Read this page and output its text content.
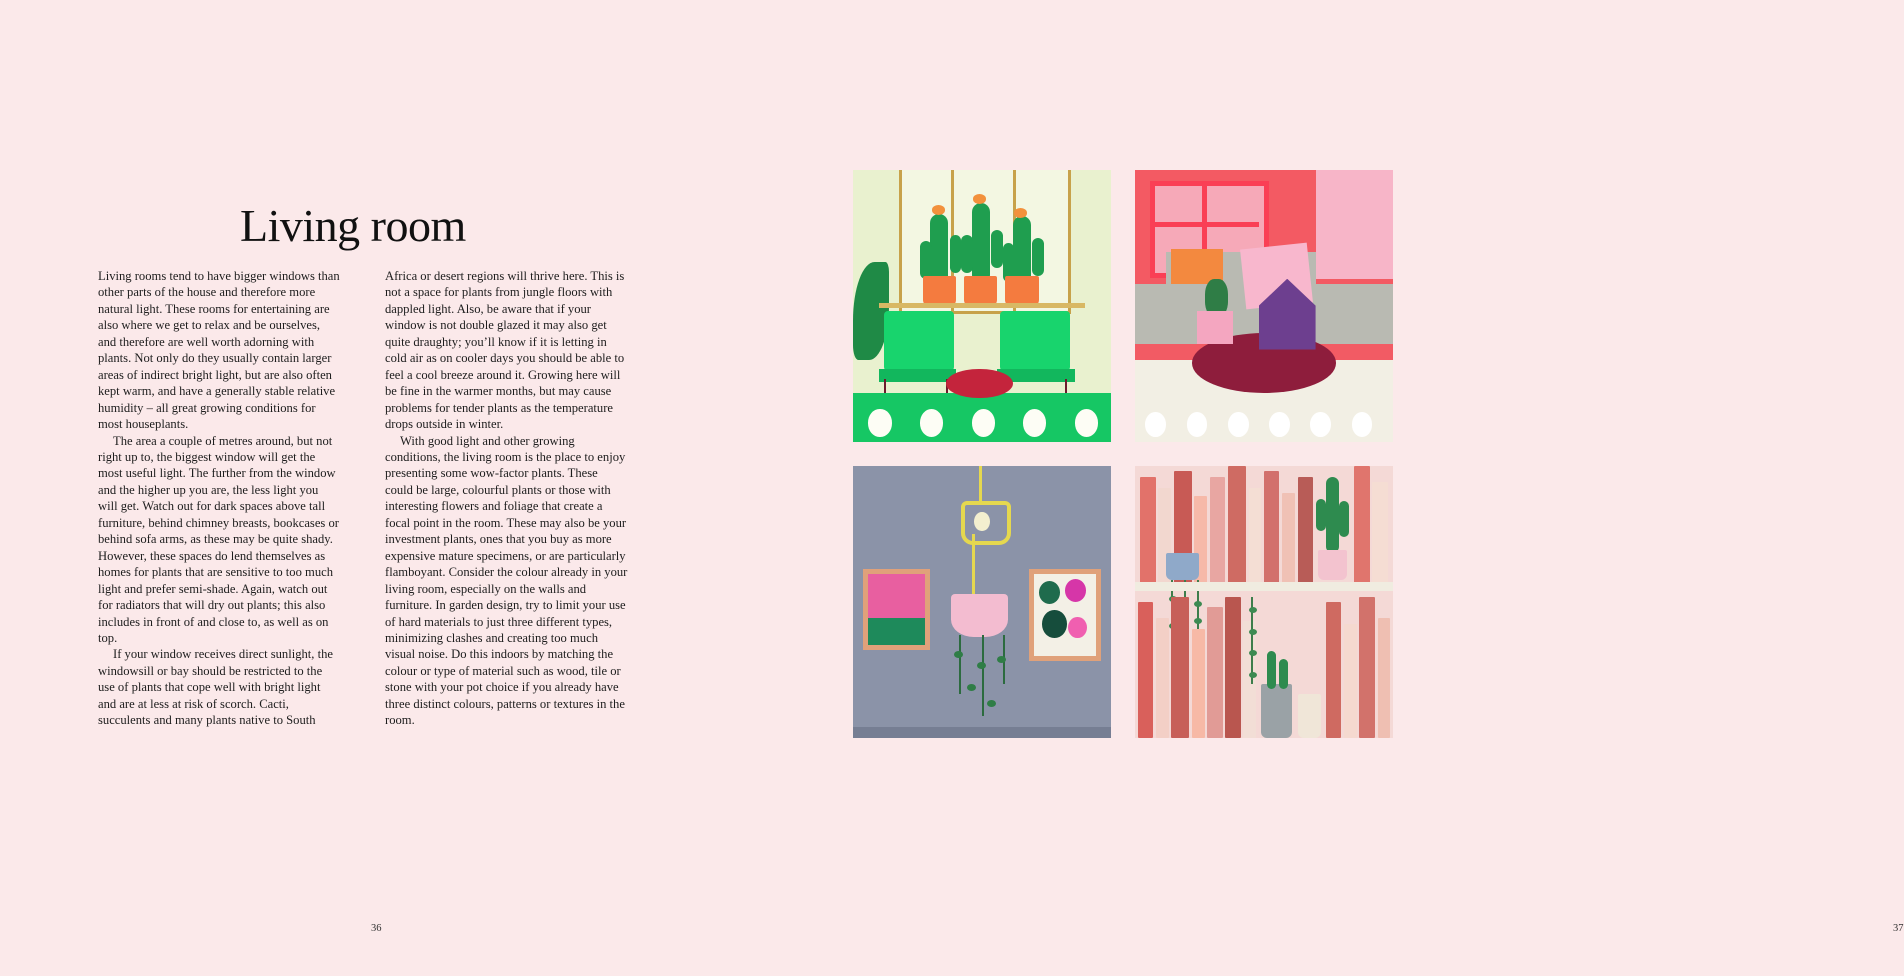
Living room

Living rooms tend to have bigger windows than other parts of the house and therefore more natural light. These rooms for entertaining are also where we get to relax and be ourselves, and therefore are well worth adorning with plants. Not only do they usually contain larger areas of indirect bright light, but are also often kept warm, and have a generally stable relative humidity – all great growing conditions for most houseplants.

The area a couple of metres around, but not right up to, the biggest window will get the most useful light. The further from the window and the higher up you are, the less light you will get. Watch out for dark spaces above tall furniture, behind chimney breasts, bookcases or behind sofa arms, as these may be quite shady. However, these spaces do lend themselves as homes for plants that are sensitive to too much light and prefer semi-shade. Again, watch out for radiators that will dry out plants; this also includes in front of and close to, as well as on top.

If your window receives direct sunlight, the windowsill or bay should be restricted to the use of plants that cope well with bright light and are at less at risk of scorch. Cacti, succulents and many plants native to South

Africa or desert regions will thrive here. This is not a space for plants from jungle floors with dappled light. Also, be aware that if your window is not double glazed it may also get quite draughty; you’ll know if it is letting in cold air as on cooler days you should be able to feel a cool breeze around it. Growing here will be fine in the warmer months, but may cause problems for tender plants as the temperature drops outside in winter.

With good light and other growing conditions, the living room is the place to enjoy presenting some wow-factor plants. These could be large, colourful plants or those with interesting flowers and foliage that create a focal point in the room. These may also be your investment plants, ones that you buy as more expensive mature specimens, or are particularly flamboyant. Consider the colour already in your living room, especially on the walls and furniture. In garden design, try to limit your use of hard materials to just three different types, minimizing clashes and creating too much visual noise. Do this indoors by matching the colour or type of material such as wood, tile or stone with your pot choice if you already have three distinct colours, patterns or textures in the room.

36	37
